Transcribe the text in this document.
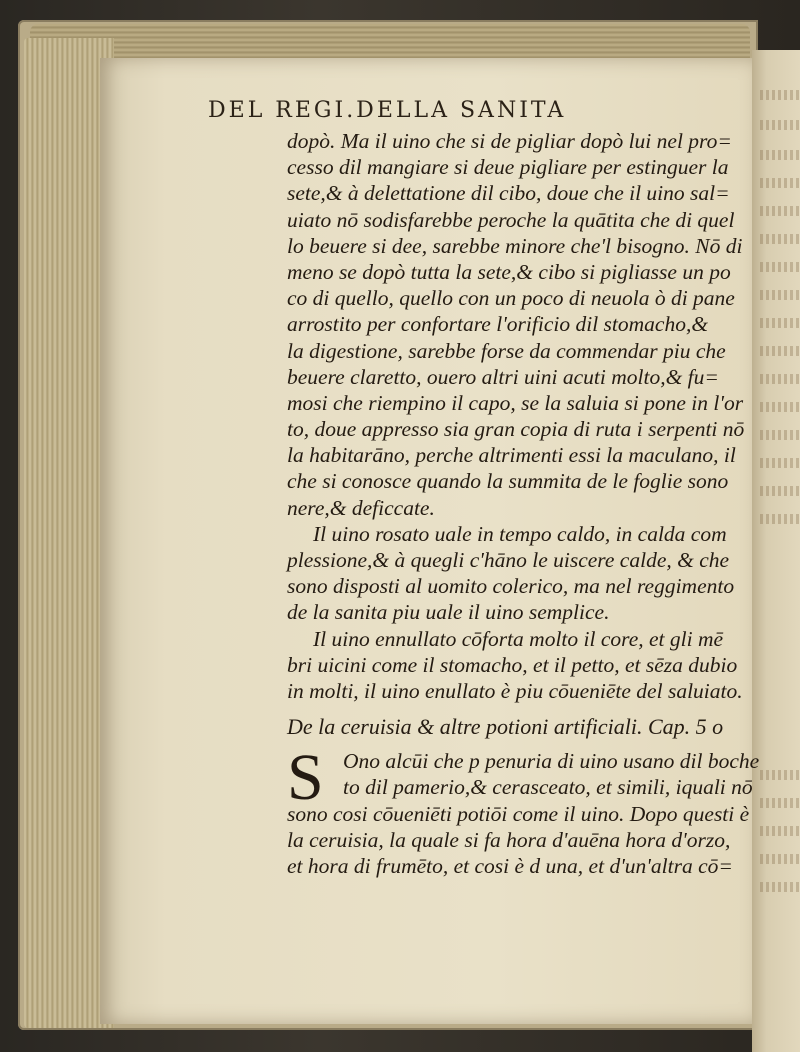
DEL REGI.DELLA SANITA
dopò. Ma il uino che si de pigliar dopò lui nel pro=
cesso dil mangiare si deue pigliare per estinguer la
sete,& à delettatione dil cibo, doue che il uino sal=
uiato nō sodisfarebbe peroche la quātita che di quel
lo beuere si dee, sarebbe minore che'l bisogno. Nō di
meno se dopò tutta la sete,& cibo si pigliasse un po
co di quello, quello con un poco di neuola ò di pane
arrostito per confortare l'orificio dil stomacho,&
la digestione, sarebbe forse da commendar piu che
beuere claretto, ouero altri uini acuti molto,& fu=
mosi che riempino il capo, se la saluia si pone in l'or
to, doue appresso sia gran copia di ruta i serpenti nō
la habitarāno, perche altrimenti essi la maculano, il
che si conosce quando la summita de le foglie sono
nere,& deficcate.
Il uino rosato uale in tempo caldo, in calda com
plessione,& à quegli c'hāno le uiscere calde, & che
sono disposti al uomito colerico, ma nel reggimento
de la sanita piu uale il uino semplice.
Il uino ennullato cōforta molto il core, et gli mē
bri uicini come il stomacho, et il petto, et sēza dubio
in molti, il uino enullato è piu cōueniēte del saluiato.
De la ceruisia & altre potioni artificiali. Cap. 5 o
S Ono alcūi che p penuria di uino usano dil boche
to dil pamerio,& cerasceato, et simili, iquali nō
sono cosi cōueniēti potiōi come il uino. Dopo questi è
la ceruisia, la quale si fa hora d'auēna hora d'orzo,
et hora di frumēto, et cosi è d una, et d'un'altra cō=
